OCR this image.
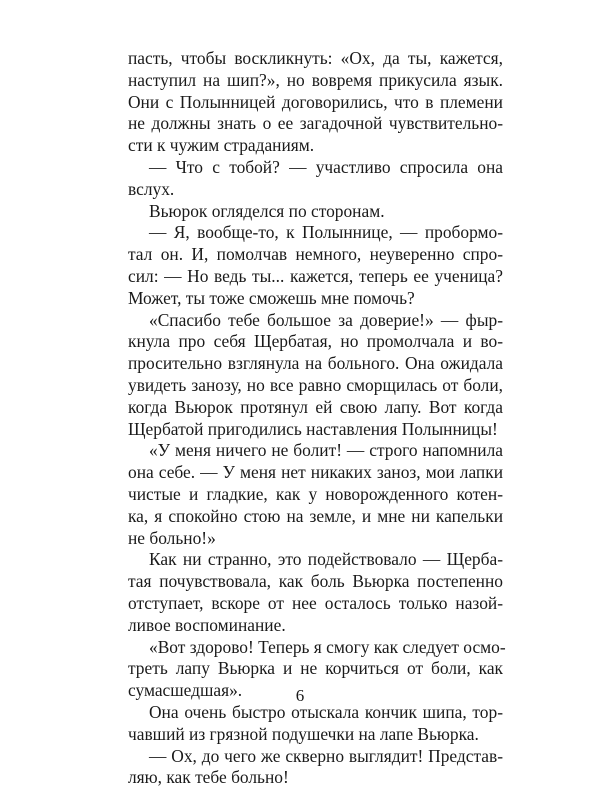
пасть, чтобы воскликнуть: «Ох, да ты, кажется,
наступил на шип?», но вовремя прикусила язык.
Они с Полынницей договорились, что в племени
не должны знать о ее загадочной чувствительно-
сти к чужим страданиям.
— Что с тобой? — участливо спросила она
вслух.
Вьюрок огляделся по сторонам.
— Я, вообще-то, к Полыннице, — пробормо-
тал он. И, помолчав немного, неуверенно спро-
сил: — Но ведь ты... кажется, теперь ее ученица?
Может, ты тоже сможешь мне помочь?
«Спасибо тебе большое за доверие!» — фыр-
кнула про себя Щербатая, но промолчала и во-
просительно взглянула на больного. Она ожидала
увидеть занозу, но все равно сморщилась от боли,
когда Вьюрок протянул ей свою лапу. Вот когда
Щербатой пригодились наставления Полынницы!
«У меня ничего не болит! — строго напомнила
она себе. — У меня нет никаких заноз, мои лапки
чистые и гладкие, как у новорожденного котен-
ка, я спокойно стою на земле, и мне ни капельки
не больно!»
Как ни странно, это подействовало — Щерба-
тая почувствовала, как боль Вьюрка постепенно
отступает, вскоре от нее осталось только назой-
ливое воспоминание.
«Вот здорово! Теперь я смогу как следует осмо-
треть лапу Вьюрка и не корчиться от боли, как
сумасшедшая».
Она очень быстро отыскала кончик шипа, тор-
чавший из грязной подушечки на лапе Вьюрка.
— Ох, до чего же скверно выглядит! Представ-
ляю, как тебе больно!
6
